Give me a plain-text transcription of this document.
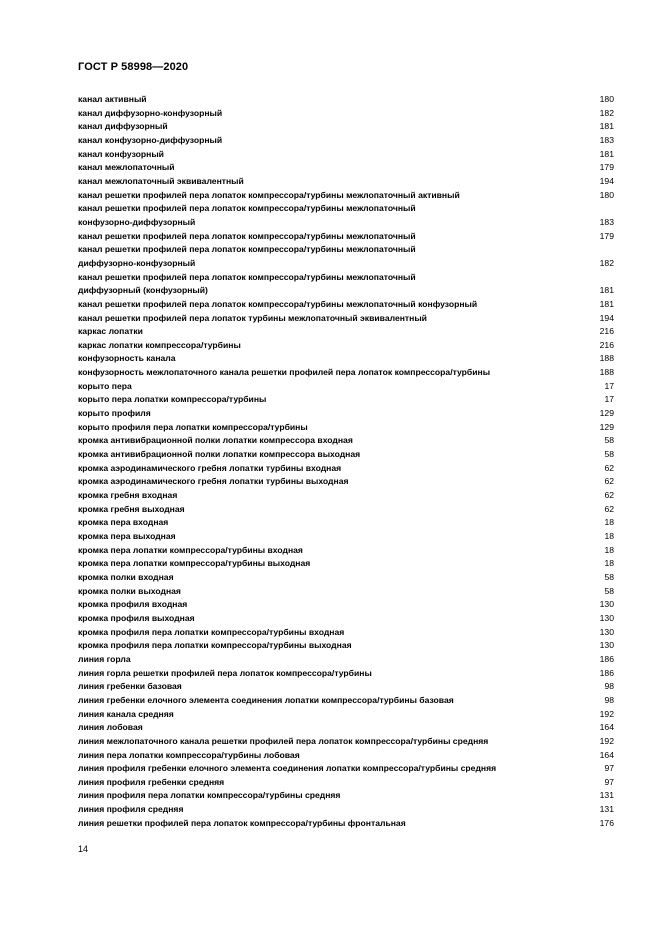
ГОСТ Р 58998—2020
канал активный	180
канал диффузорно-конфузорный	182
канал диффузорный	181
канал конфузорно-диффузорный	183
канал конфузорный	181
канал межлопаточный	179
канал межлопаточный эквивалентный	194
канал решетки профилей пера лопаток компрессора/турбины межлопаточный активный	180
канал решетки профилей пера лопаток компрессора/турбины межлопаточный
конфузорно-диффузорный	183
канал решетки профилей пера лопаток компрессора/турбины межлопаточный	179
канал решетки профилей пера лопаток компрессора/турбины межлопаточный
диффузорно-конфузорный	182
канал решетки профилей пера лопаток компрессора/турбины межлопаточный
диффузорный (конфузорный)	181
канал решетки профилей пера лопаток компрессора/турбины межлопаточный конфузорный	181
канал решетки профилей пера лопаток турбины межлопаточный эквивалентный	194
каркас лопатки	216
каркас лопатки компрессора/турбины	216
конфузорность канала	188
конфузорность межлопаточного канала решетки профилей пера лопаток компрессора/турбины	188
корыто пера	17
корыто пера лопатки компрессора/турбины	17
корыто профиля	129
корыто профиля пера лопатки компрессора/турбины	129
кромка антивибрационной полки лопатки компрессора входная	58
кромка антивибрационной полки лопатки компрессора выходная	58
кромка аэродинамического гребня лопатки турбины входная	62
кромка аэродинамического гребня лопатки турбины выходная	62
кромка гребня входная	62
кромка гребня выходная	62
кромка пера входная	18
кромка пера выходная	18
кромка пера лопатки компрессора/турбины входная	18
кромка пера лопатки компрессора/турбины выходная	18
кромка полки входная	58
кромка полки выходная	58
кромка профиля входная	130
кромка профиля выходная	130
кромка профиля пера лопатки компрессора/турбины входная	130
кромка профиля пера лопатки компрессора/турбины выходная	130
линия горла	186
линия горла решетки профилей пера лопаток компрессора/турбины	186
линия гребенки базовая	98
линия гребенки елочного элемента соединения лопатки компрессора/турбины базовая	98
линия канала средняя	192
линия лобовая	164
линия межлопаточного канала решетки профилей пера лопаток компрессора/турбины средняя	192
линия пера лопатки компрессора/турбины лобовая	164
линия профиля гребенки елочного элемента соединения лопатки компрессора/турбины средняя	97
линия профиля гребенки средняя	97
линия профиля пера лопатки компрессора/турбины средняя	131
линия профиля средняя	131
линия решетки профилей пера лопаток компрессора/турбины фронтальная	176
14
